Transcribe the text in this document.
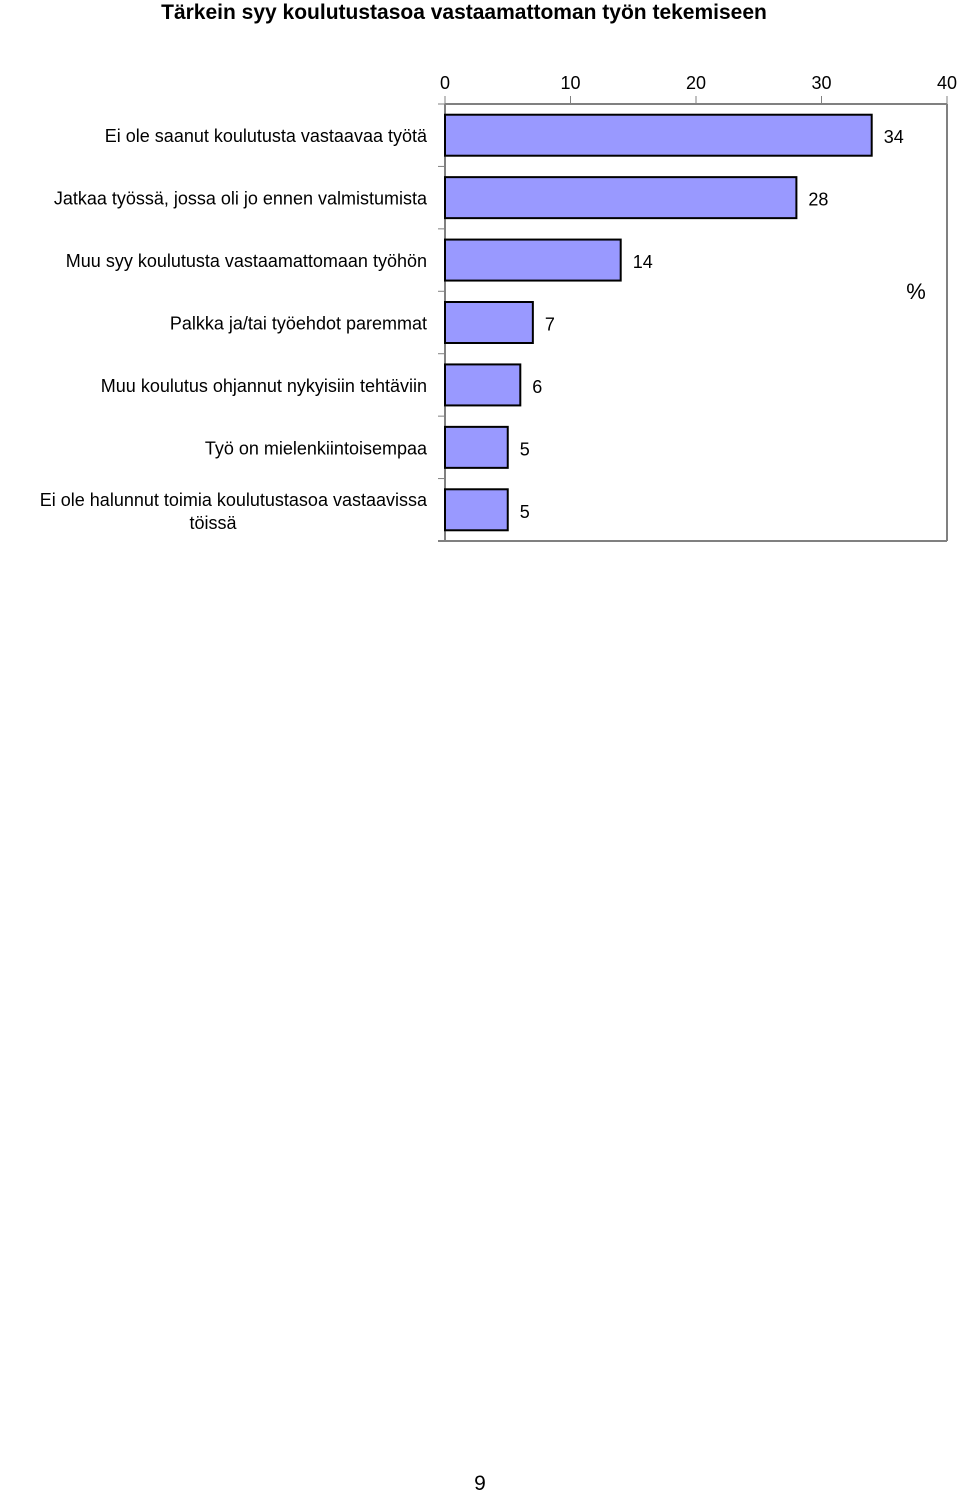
Tärkein syy koulutustasoa vastaamattoman työn tekemiseen
0	10	20	30	40
Ei ole saanut koulutusta vastaavaa työtä
Jatkaa työssä, jossa oli jo ennen valmistumista
Muu syy koulutusta vastaamattomaan työhön
Palkka ja/tai työehdot paremmat
Muu koulutus ohjannut nykyisiin tehtäviin
Työ on mielenkiintoisempaa
Ei ole halunnut toimia koulutustasoa vastaavissa töissä
34
28
14
7
6
5
5
%
9
